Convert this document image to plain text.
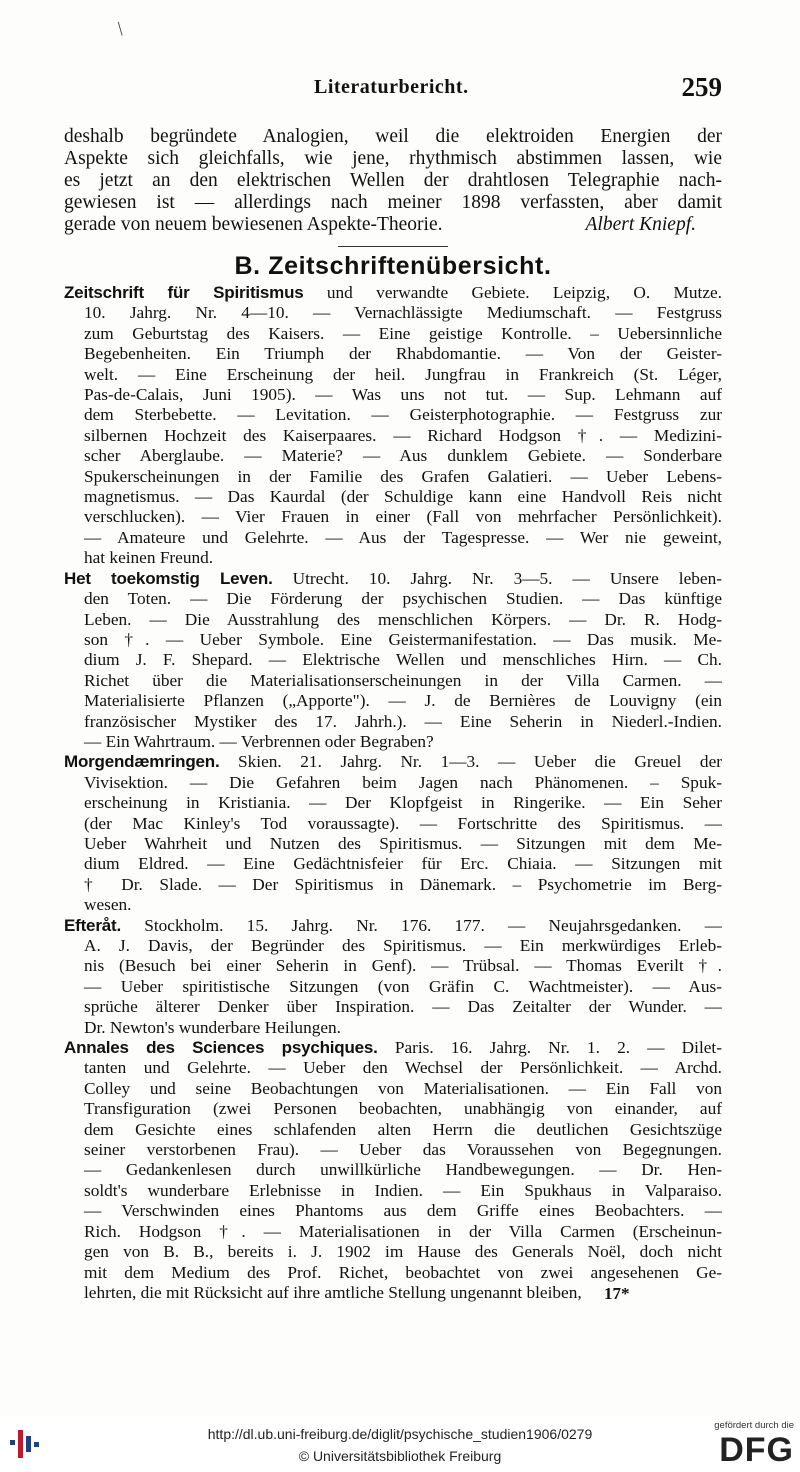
/
Literaturbericht.	259
deshalb begründete Analogien, weil die elektroiden Energien der
Aspekte sich gleichfalls, wie jene, rhythmisch abstimmen lassen, wie
es jetzt an den elektrischen Wellen der drahtlosen Telegraphie nach-
gewiesen ist — allerdings nach meiner 1898 verfassten, aber damit
gerade von neuem bewiesenen Aspekte-Theorie.	Albert Kniepf.
B. Zeitschriftenübersicht.
Zeitschrift für Spiritismus und verwandte Gebiete. Leipzig, O. Mutze.
10. Jahrg. Nr. 4—10. — Vernachlässigte Mediumschaft. — Festgruss
zum Geburtstag des Kaisers. — Eine geistige Kontrolle. – Uebersinnliche
Begebenheiten. Ein Triumph der Rhabdomantie. — Von der Geister-
welt. — Eine Erscheinung der heil. Jungfrau in Frankreich (St. Léger,
Pas-de-Calais, Juni 1905). — Was uns not tut. — Sup. Lehmann auf
dem Sterbebette. — Levitation. — Geisterphotographie. — Festgruss zur
silbernen Hochzeit des Kaiserpaares. — Richard Hodgson †. — Medizini-
scher Aberglaube. — Materie? — Aus dunklem Gebiete. — Sonderbare
Spukerscheinungen in der Familie des Grafen Galatieri. — Ueber Lebens-
magnetismus. — Das Kaurdal (der Schuldige kann eine Handvoll Reis nicht
verschlucken). — Vier Frauen in einer (Fall von mehrfacher Persönlichkeit).
— Amateure und Gelehrte. — Aus der Tagespresse. — Wer nie geweint,
hat keinen Freund.
Het toekomstig Leven. Utrecht. 10. Jahrg. Nr. 3—5. — Unsere leben-
den Toten. — Die Förderung der psychischen Studien. — Das künftige
Leben. — Die Ausstrahlung des menschlichen Körpers. — Dr. R. Hodg-
son †. — Ueber Symbole. Eine Geistermanifestation. — Das musik. Me-
dium J. F. Shepard. — Elektrische Wellen und menschliches Hirn. — Ch.
Richet über die Materialisationserscheinungen in der Villa Carmen. —
Materialisierte Pflanzen („Apporte"). — J. de Bernières de Louvigny (ein
französischer Mystiker des 17. Jahrh.). — Eine Seherin in Niederl.-Indien.
— Ein Wahrtraum. — Verbrennen oder Begraben?
Morgendæmringen. Skien. 21. Jahrg. Nr. 1—3. — Ueber die Greuel der
Vivisektion. — Die Gefahren beim Jagen nach Phänomenen. – Spuk-
erscheinung in Kristiania. — Der Klopfgeist in Ringerike. — Ein Seher
(der Mac Kinley's Tod voraussagte). — Fortschritte des Spiritismus. —
Ueber Wahrheit und Nutzen des Spiritismus. — Sitzungen mit dem Me-
dium Eldred. — Eine Gedächtnisfeier für Erc. Chiaia. — Sitzungen mit
† Dr. Slade. — Der Spiritismus in Dänemark. – Psychometrie im Berg-
wesen.
Efteråt. Stockholm. 15. Jahrg. Nr. 176. 177. — Neujahrsgedanken. —
A. J. Davis, der Begründer des Spiritismus. — Ein merkwürdiges Erleb-
nis (Besuch bei einer Seherin in Genf). — Trübsal. — Thomas Everilt †.
— Ueber spiritistische Sitzungen (von Gräfin C. Wachtmeister). — Aus-
sprüche älterer Denker über Inspiration. — Das Zeitalter der Wunder. —
Dr. Newton's wunderbare Heilungen.
Annales des Sciences psychiques. Paris. 16. Jahrg. Nr. 1. 2. — Dilet-
tanten und Gelehrte. — Ueber den Wechsel der Persönlichkeit. — Archd.
Colley und seine Beobachtungen von Materialisationen. — Ein Fall von
Transfiguration (zwei Personen beobachten, unabhängig von einander, auf
dem Gesichte eines schlafenden alten Herrn die deutlichen Gesichtszüge
seiner verstorbenen Frau). — Ueber das Voraussehen von Begegnungen.
— Gedankenlesen durch unwillkürliche Handbewegungen. — Dr. Hen-
soldt's wunderbare Erlebnisse in Indien. — Ein Spukhaus in Valparaiso.
— Verschwinden eines Phantoms aus dem Griffe eines Beobachters. —
Rich. Hodgson †. — Materialisationen in der Villa Carmen (Erscheinun-
gen von B. B., bereits i. J. 1902 im Hause des Generals Noël, doch nicht
mit dem Medium des Prof. Richet, beobachtet von zwei angesehenen Ge-
lehrten, die mit Rücksicht auf ihre amtliche Stellung ungenannt bleiben,	17*
http://dl.ub.uni-freiburg.de/diglit/psychische_studien1906/0279
© Universitätsbibliothek Freiburg
gefördert durch die
DFG
